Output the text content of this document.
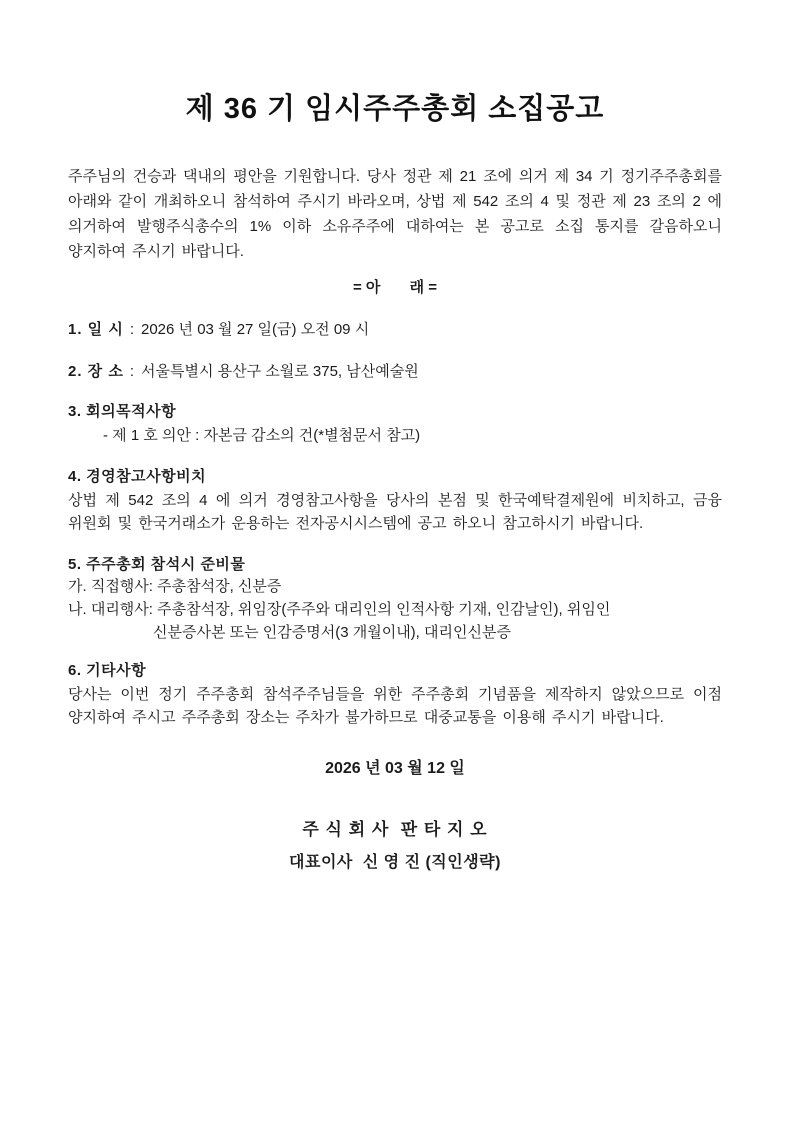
제 36 기 임시주주총회 소집공고

주주님의 건승과 댁내의 평안을 기원합니다. 당사 정관 제 21 조에 의거 제 34 기 정기주주총회를 아래와 같이 개최하오니 참석하여 주시기 바라오며, 상법 제 542 조의 4 및 정관 제 23 조의 2 에 의거하여 발행주식총수의 1% 이하 소유주주에 대하여는 본 공고로 소집 통지를 갈음하오니 양지하여 주시기 바랍니다.

= 아       래 =
1. 일 시 : 2026 년 03 월 27 일(금) 오전 09 시
2. 장 소 : 서울특별시 용산구 소월로 375, 남산예술원
3. 회의목적사항
- 제 1 호 의안 : 자본금 감소의 건(*별첨문서 참고)
4. 경영참고사항비치

상법 제 542 조의 4 에 의거 경영참고사항을 당사의 본점 및 한국예탁결제원에 비치하고, 금융 위원회 및 한국거래소가 운용하는 전자공시시스템에 공고 하오니 참고하시기 바랍니다.

5. 주주총회 참석시 준비물
가. 직접행사: 주총참석장, 신분증
나. 대리행사: 주총참석장, 위임장(주주와 대리인의 인적사항 기재, 인감날인), 위임인
신분증사본 또는 인감증명서(3 개월이내), 대리인신분증
6. 기타사항

당사는 이번 정기 주주총회 참석주주님들을 위한 주주총회 기념품을 제작하지 않았으므로 이점 양지하여 주시고 주주총회 장소는 주차가 불가하므로 대중교통을 이용해 주시기 바랍니다.

2026 년 03 월 12 일
주 식 회 사  판 타 지 오
대표이사  신 영 진 (직인생략)
